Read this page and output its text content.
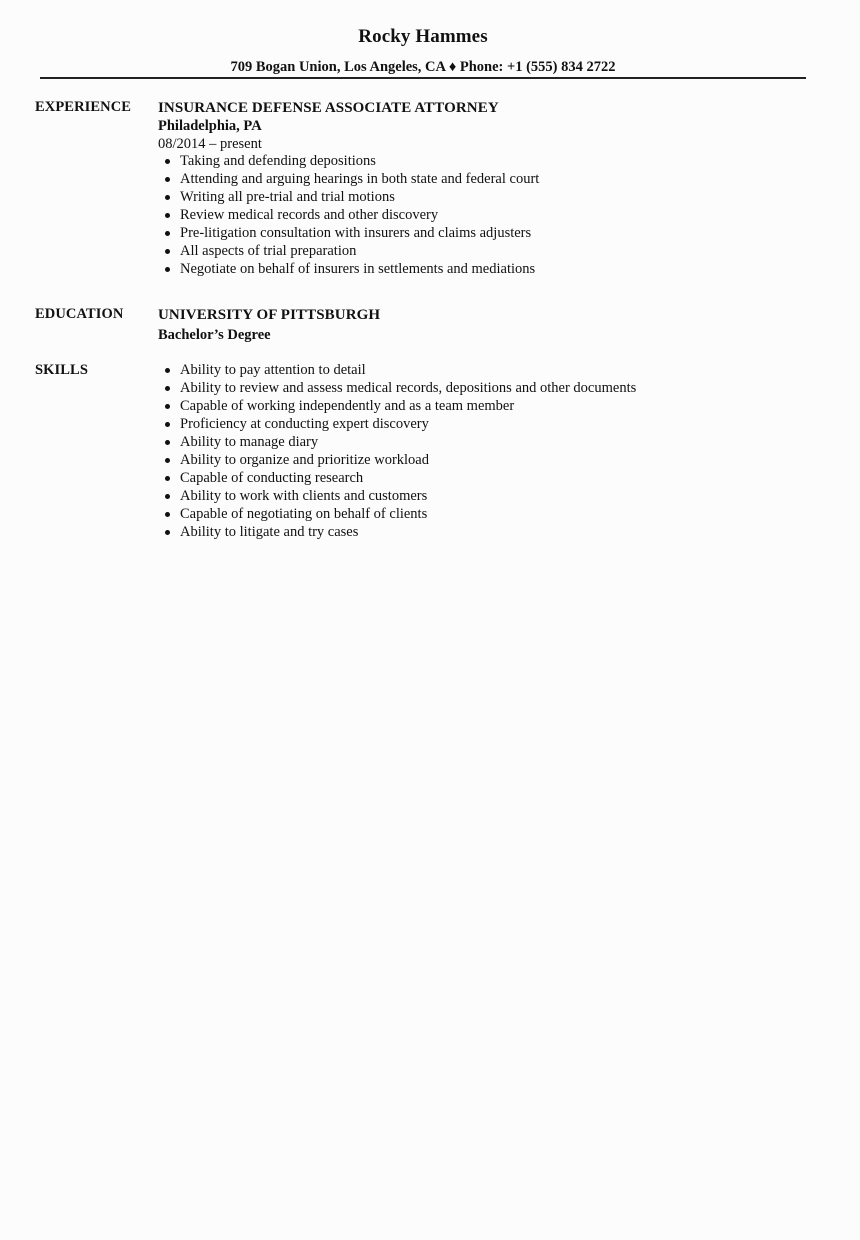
Rocky Hammes
709 Bogan Union, Los Angeles, CA ♦ Phone: +1 (555) 834 2722
EXPERIENCE INSURANCE DEFENSE ASSOCIATE ATTORNEY
Philadelphia, PA
08/2014 – present
Taking and defending depositions
Attending and arguing hearings in both state and federal court
Writing all pre-trial and trial motions
Review medical records and other discovery
Pre-litigation consultation with insurers and claims adjusters
All aspects of trial preparation
Negotiate on behalf of insurers in settlements and mediations
EDUCATION UNIVERSITY OF PITTSBURGH
Bachelor’s Degree
SKILLS	Ability to pay attention to detail
Ability to review and assess medical records, depositions and other documents
Capable of working independently and as a team member
Proficiency at conducting expert discovery
Ability to manage diary
Ability to organize and prioritize workload
Capable of conducting research
Ability to work with clients and customers
Capable of negotiating on behalf of clients
Ability to litigate and try cases
